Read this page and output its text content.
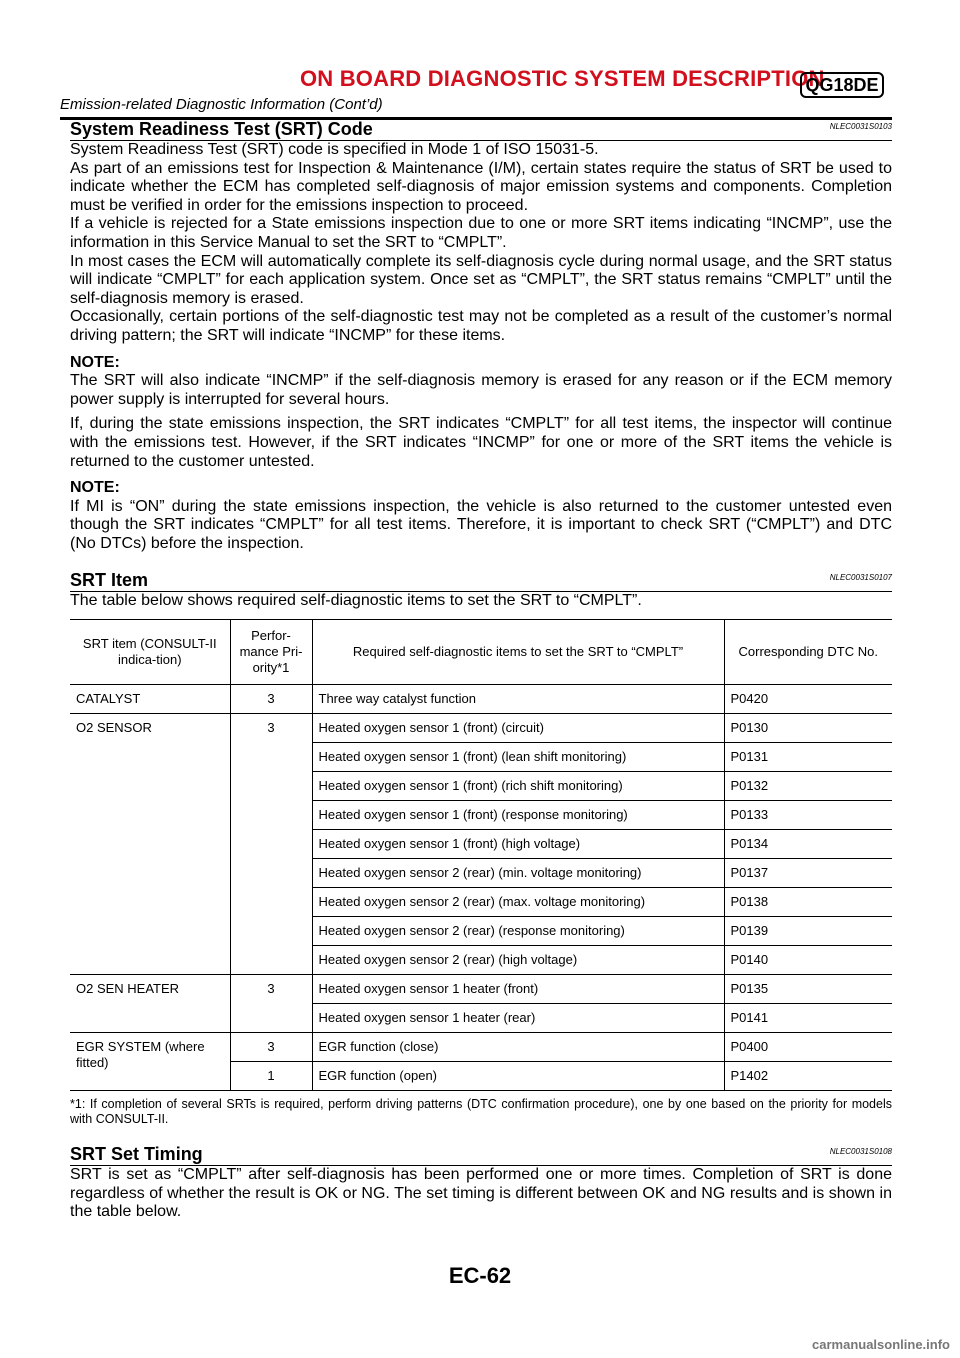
ON BOARD DIAGNOSTIC SYSTEM DESCRIPTION
QG18DE
Emission-related Diagnostic Information (Cont’d)
System Readiness Test (SRT) Code	NLEC0031S0103

System Readiness Test (SRT) code is specified in Mode 1 of ISO 15031-5.

As part of an emissions test for Inspection & Maintenance (I/M), certain states require the status of SRT be used to indicate whether the ECM has completed self-diagnosis of major emission systems and components. Completion must be verified in order for the emissions inspection to proceed.

If a vehicle is rejected for a State emissions inspection due to one or more SRT items indicating “INCMP”, use the information in this Service Manual to set the SRT to “CMPLT”.

In most cases the ECM will automatically complete its self-diagnosis cycle during normal usage, and the SRT status will indicate “CMPLT” for each application system. Once set as “CMPLT”, the SRT status remains “CMPLT” until the self-diagnosis memory is erased.

Occasionally, certain portions of the self-diagnostic test may not be completed as a result of the customer’s normal driving pattern; the SRT will indicate “INCMP” for these items.

NOTE:

The SRT will also indicate “INCMP” if the self-diagnosis memory is erased for any reason or if the ECM memory power supply is interrupted for several hours.

If, during the state emissions inspection, the SRT indicates “CMPLT” for all test items, the inspector will continue with the emissions test. However, if the SRT indicates “INCMP” for one or more of the SRT items the vehicle is returned to the customer untested.

NOTE:

If MI is “ON” during the state emissions inspection, the vehicle is also returned to the customer untested even though the SRT indicates “CMPLT” for all test items. Therefore, it is important to check SRT (“CMPLT”) and DTC (No DTCs) before the inspection.

SRT Item	NLEC0031S0107

The table below shows required self-diagnostic items to set the SRT to “CMPLT”.

SRT item (CONSULT-II indica-tion)	Perfor-mance Pri-ority*1	Required self-diagnostic items to set the SRT to “CMPLT”	Corresponding DTC No.
CATALYST	3	Three way catalyst function	P0420
O2 SENSOR	3	Heated oxygen sensor 1 (front) (circuit)	P0130
		Heated oxygen sensor 1 (front) (lean shift monitoring)	P0131
		Heated oxygen sensor 1 (front) (rich shift monitoring)	P0132
		Heated oxygen sensor 1 (front) (response monitoring)	P0133
		Heated oxygen sensor 1 (front) (high voltage)	P0134
		Heated oxygen sensor 2 (rear) (min. voltage monitoring)	P0137
		Heated oxygen sensor 2 (rear) (max. voltage monitoring)	P0138
		Heated oxygen sensor 2 (rear) (response monitoring)	P0139
		Heated oxygen sensor 2 (rear) (high voltage)	P0140
O2 SEN HEATER	3	Heated oxygen sensor 1 heater (front)	P0135
		Heated oxygen sensor 1 heater (rear)	P0141
EGR SYSTEM (where fitted)	3	EGR function (close)	P0400
	1	EGR function (open)	P1402

*1: If completion of several SRTs is required, perform driving patterns (DTC confirmation procedure), one by one based on the priority for models with CONSULT-II.

SRT Set Timing	NLEC0031S0108

SRT is set as “CMPLT” after self-diagnosis has been performed one or more times. Completion of SRT is done regardless of whether the result is OK or NG. The set timing is different between OK and NG results and is shown in the table below.

EC-62
carmanualsonline.info
